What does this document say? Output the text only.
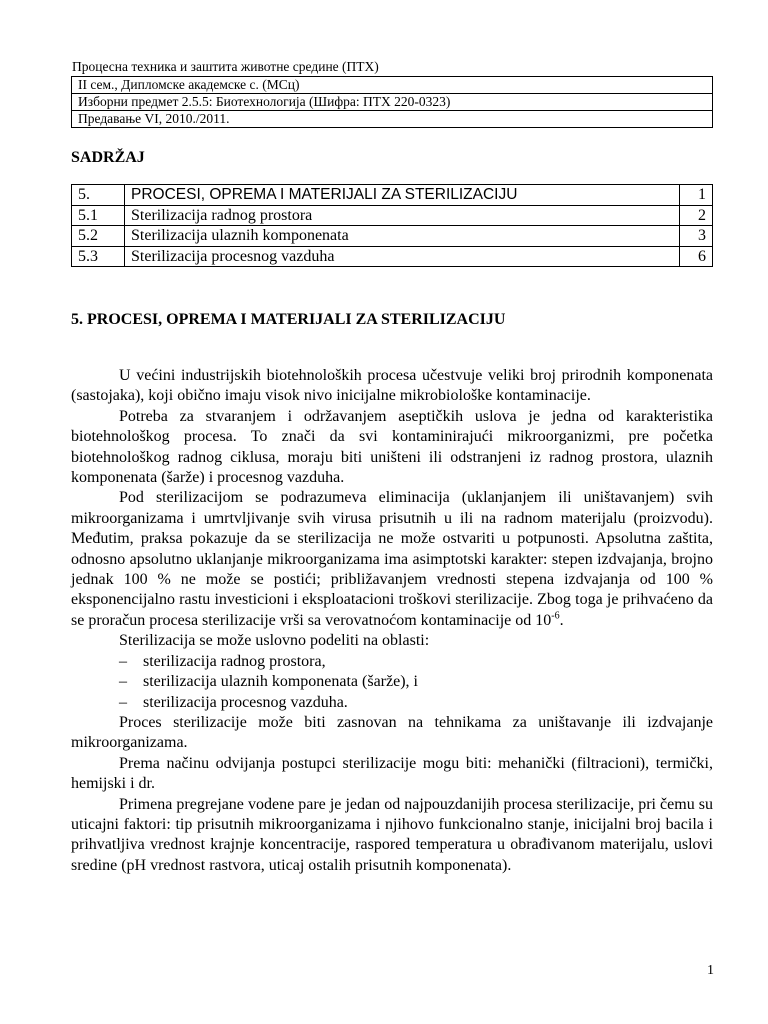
Процесна техника и заштита животне средине (ПТХ)
II сем., Дипломске академске с. (МСц)
Изборни предмет 2.5.5: Биотехнологија (Шифра: ПТХ 220-0323)
Предавање VI, 2010./2011.
SADRŽAJ
5.	PROCESI, OPREMA I MATERIJALI ZA STERILIZACIJU	1
5.1	Sterilizacija radnog prostora	2
5.2	Sterilizacija ulaznih komponenata	3
5.3	Sterilizacija procesnog vazduha	6
5. PROCESI, OPREMA I MATERIJALI ZA STERILIZACIJU

U većini industrijskih biotehnoloških procesa učestvuje veliki broj prirodnih komponenata (sastojaka), koji obično imaju visok nivo inicijalne mikrobiološke kontaminacije.

Potreba za stvaranjem i održavanjem aseptičkih uslova je jedna od karakteristika biotehnološkog procesa. To znači da svi kontaminirajući mikroorganizmi, pre početka biotehnološkog radnog ciklusa, moraju biti uništeni ili odstranjeni iz radnog prostora, ulaznih komponenata (šarže) i procesnog vazduha.

Pod sterilizacijom se podrazumeva eliminacija (uklanjanjem ili uništavanjem) svih mikroorganizama i umrtvljivanje svih virusa prisutnih u ili na radnom materijalu (proizvodu). Međutim, praksa pokazuje da se sterilizacija ne može ostvariti u potpunosti. Apsolutna zaštita, odnosno apsolutno uklanjanje mikroorganizama ima asimptotski karakter: stepen izdvajanja, brojno jednak 100 % ne može se postići; približavanjem vrednosti stepena izdvajanja od 100 % eksponencijalno rastu investicioni i eksploatacioni troškovi sterilizacije. Zbog toga je prihvaćeno da se proračun procesa sterilizacije vrši sa verovatnoćom kontaminacije od $10^{-6}$.

Sterilizacija se može uslovno podeliti na oblasti:

– sterilizacija radnog prostora,
– sterilizacija ulaznih komponenata (šarže), i
– sterilizacija procesnog vazduha.

Proces sterilizacije može biti zasnovan na tehnikama za uništavanje ili izdvajanje mikroorganizama.

Prema načinu odvijanja postupci sterilizacije mogu biti: mehanički (filtracioni), termički, hemijski i dr.

Primena pregrejane vodene pare je jedan od najpouzdanijih procesa sterilizacije, pri čemu su uticajni faktori: tip prisutnih mikroorganizama i njihovo funkcionalno stanje, inicijalni broj bacila i prihvatljiva vrednost krajnje koncentracije, raspored temperatura u obrađivanom materijalu, uslovi sredine (pH vrednost rastvora, uticaj ostalih prisutnih komponenata).

1
